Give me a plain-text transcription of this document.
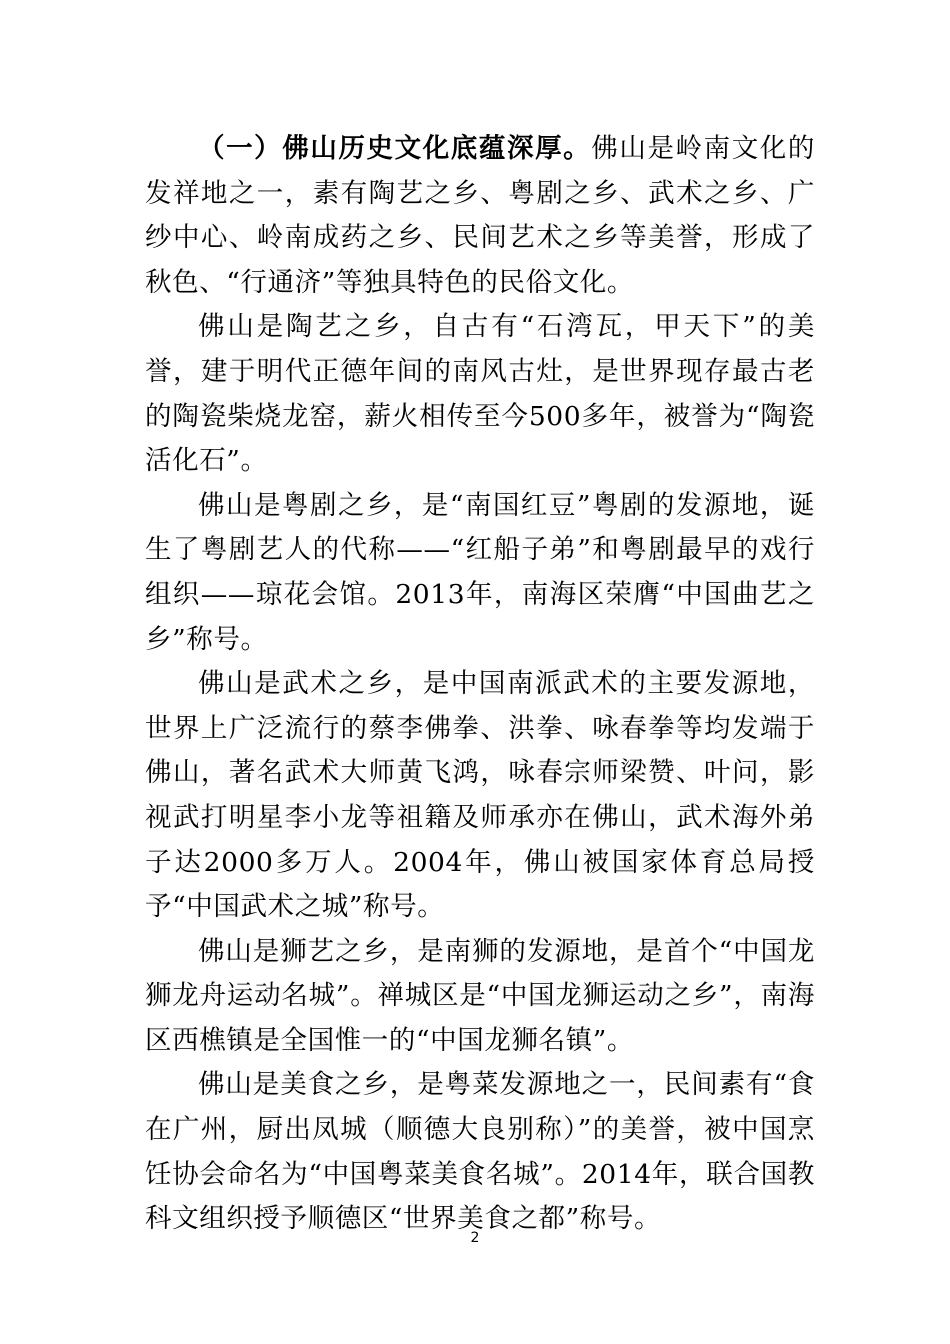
（一）佛山历史文化底蕴深厚。佛山是岭南文化的发祥地之一，素有陶艺之乡、粤剧之乡、武术之乡、广纱中心、岭南成药之乡、民间艺术之乡等美誉，形成了秋色、“行通济”等独具特色的民俗文化。

佛山是陶艺之乡，自古有“石湾瓦，甲天下”的美誉，建于明代正德年间的南风古灶，是世界现存最古老的陶瓷柴烧龙窑，薪火相传至今500多年，被誉为“陶瓷活化石”。

佛山是粤剧之乡，是“南国红豆”粤剧的发源地，诞生了粤剧艺人的代称——“红船子弟”和粤剧最早的戏行组织——琼花会馆。2013年，南海区荣膺“中国曲艺之乡”称号。

佛山是武术之乡，是中国南派武术的主要发源地，世界上广泛流行的蔡李佛拳、洪拳、咏春拳等均发端于佛山，著名武术大师黄飞鸿，咏春宗师梁赞、叶问，影视武打明星李小龙等祖籍及师承亦在佛山，武术海外弟子达2000多万人。2004年，佛山被国家体育总局授予“中国武术之城”称号。

佛山是狮艺之乡，是南狮的发源地，是首个“中国龙狮龙舟运动名城”。禅城区是“中国龙狮运动之乡”，南海区西樵镇是全国惟一的“中国龙狮名镇”。

佛山是美食之乡，是粤菜发源地之一，民间素有“食在广州，厨出凤城（顺德大良别称）”的美誉，被中国烹饪协会命名为“中国粤菜美食名城”。2014年，联合国教科文组织授予顺德区“世界美食之都”称号。

2
